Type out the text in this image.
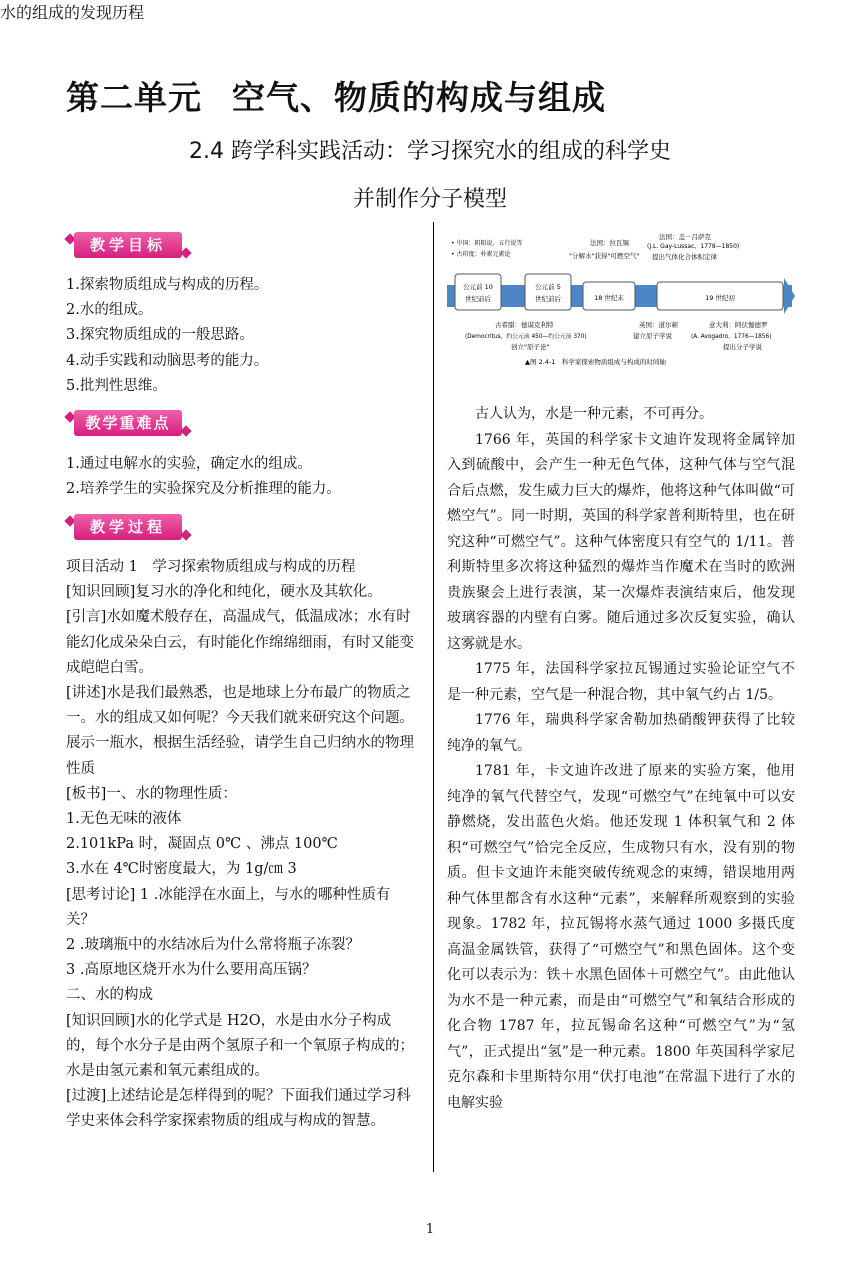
第二单元 空气、物质的构成与组成
2.4 跨学科实践活动：学习探究水的组成的科学史
并制作分子模型
教学目标

1.探索物质组成与构成的历程。

2.水的组成。

3.探究物质组成的一般思路。

4.动手实践和动脑思考的能力。

5.批判性思维。

教学重难点

1.通过电解水的实验，确定水的组成。

2.培养学生的实验探究及分析推理的能力。

教学过程

项目活动 1　学习探索物质组成与构成的历程

[知识回顾]复习水的净化和纯化，硬水及其软化。

[引言]水如魔术般存在，高温成气，低温成冰；水有时能幻化成朵朵白云，有时能化作绵绵细雨，有时又能变成皑皑白雪。

[讲述]水是我们最熟悉，也是地球上分布最广的物质之一。水的组成又如何呢？今天我们就来研究这个问题。

展示一瓶水，根据生活经验，请学生自己归纳水的物理性质

[板书]一、水的物理性质：

1.无色无味的液体

2.101kPa 时，凝固点 0℃ 、沸点 100℃

3.水在 4℃时密度最大，为 1g/㎝ 3

[思考讨论] 1 .冰能浮在水面上，与水的哪种性质有关？

2 .玻璃瓶中的水结冰后为什么常将瓶子冻裂？

3 .高原地区烧开水为什么要用高压锅？

二、水的构成

[知识回顾]水的化学式是 H2O，水是由水分子构成的，每个水分子是由两个氢原子和一个氧原子构成的；水是由氢元素和氧元素组成的。

[过渡]上述结论是怎样得到的呢？下面我们通过学习科学史来体会科学家探索物质的组成与构成的智慧。

法国：盖－吕萨克
(J.L. Gay-Lussac，1778—1850)
提出气体化合体积定律
• 中国：阴阳说、五行说等
• 古印度：朴素元素论
法国：拉瓦锡
"分解水"获得"可燃空气"
公元前 10
世纪前后
公元前 5
世纪前后	18 世纪末	19 世纪初
古希腊：德谟克利特
(Democritus，约公元前 450—约公元前 370)
创立"原子论"
英国：道尔顿
建立原子学说
意大利：阿伏伽德罗
(A. Avogadro，1776—1856)
提出分子学说
▲图 2.4-1　科学家探索物质组成与构成的时间轴
水的组成的发现历程

古人认为，水是一种元素，不可再分。

1766 年，英国的科学家卡文迪许发现将金属锌加入到硫酸中，会产生一种无色气体，这种气体与空气混合后点燃，发生威力巨大的爆炸，他将这种气体叫做“可燃空气”。同一时期，英国的科学家普利斯特里，也在研究这种“可燃空气”。这种气体密度只有空气的 1/11。普利斯特里多次将这种猛烈的爆炸当作魔术在当时的欧洲贵族聚会上进行表演，某一次爆炸表演结束后，他发现玻璃容器的内壁有白雾。随后通过多次反复实验，确认这雾就是水。

1775 年，法国科学家拉瓦锡通过实验论证空气不是一种元素，空气是一种混合物，其中氧气约占 1/5。

1776 年，瑞典科学家舍勒加热硝酸钾获得了比较纯净的氧气。

1781 年，卡文迪许改进了原来的实验方案，他用纯净的氧气代替空气，发现“可燃空气”在纯氧中可以安静燃烧，发出蓝色火焰。他还发现 1 体积氧气和 2 体积“可燃空气”恰完全反应，生成物只有水，没有别的物质。但卡文迪许未能突破传统观念的束缚，错误地用两种气体里都含有水这种“元素”，来解释所观察到的实验现象。1782 年，拉瓦锡将水蒸气通过 1000 多摄氏度高温金属铁管，获得了“可燃空气”和黑色固体。这个变化可以表示为：铁＋水黑色固体＋可燃空气”。由此他认为水不是一种元素，而是由“可燃空气”和氧结合形成的化合物 1787 年，拉瓦锡命名这种“可燃空气”为“氢气”，正式提出“氢”是一种元素。1800 年英国科学家尼克尔森和卡里斯特尔用“伏打电池”在常温下进行了水的电解实验

1
